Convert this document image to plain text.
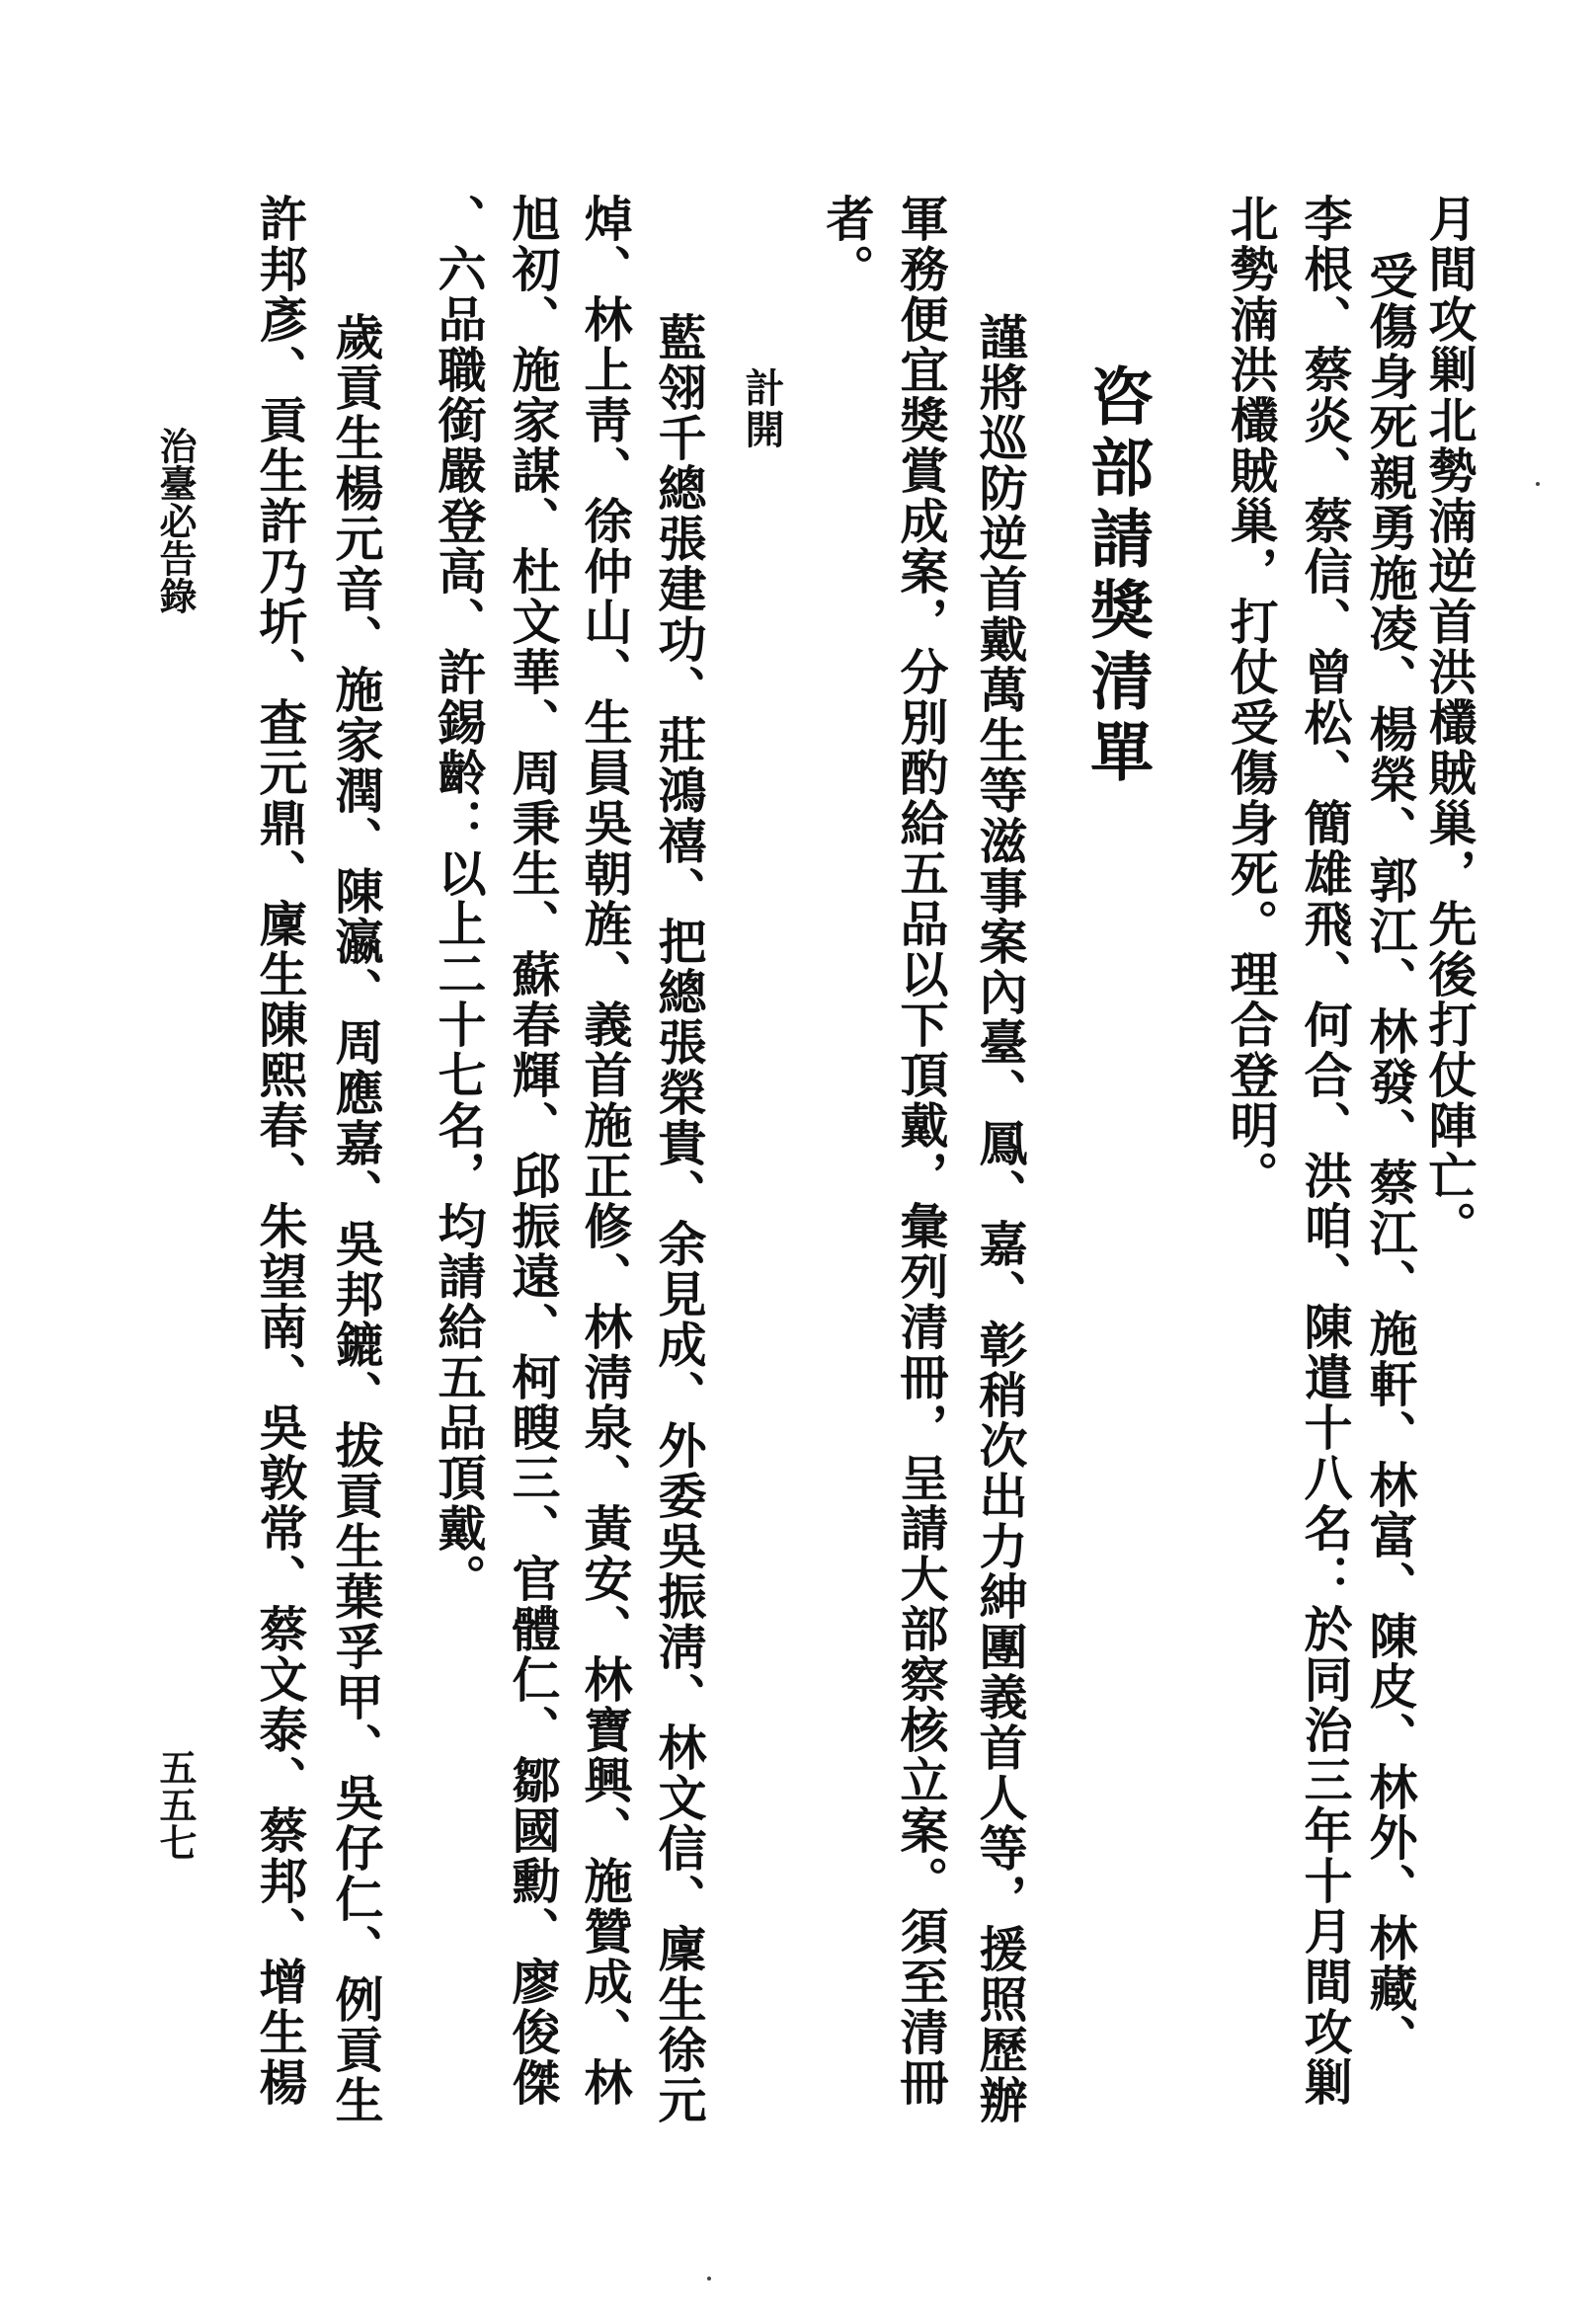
月間攻剿北勢湳逆首洪欉賊巢，先後打仗陣亡。
受傷身死親勇施凌、楊榮、郭江、林發、蔡江、施軒、林富、陳皮、林外、林藏、
李根、蔡炎、蔡信、曾松、簡雄飛、何合、洪咱、陳遣十八名：於同治三年十月間攻剿
北勢湳洪欉賊巢，打仗受傷身死。理合登明。
咨部請獎清單
謹將巡防逆首戴萬生等滋事案內臺、鳳、嘉、彰稍次出力紳團義首人等，援照歷辦
軍務便宜獎賞成案，分別酌給五品以下頂戴，彙列清冊，呈請大部察核立案。須至清冊
者。
計開
藍翎千總張建功、莊鴻禧、把總張榮貴、余見成、外委吳振淸、林文信、廩生徐元
焯、林上靑、徐仲山、生員吳朝旌、義首施正修、林淸泉、黃安、林寶興、施贊成、林
旭初、施家謀、杜文華、周秉生、蘇春輝、邱振遠、柯瞍三、官體仁、鄒國勳、廖俊傑
、六品職銜嚴登高、許錫齡：以上二十七名，均請給五品頂戴。
歲貢生楊元音、施家潤、陳瀛、周應嘉、吳邦鏕、拔貢生葉孚甲、吳仔仁、例貢生
許邦彥、貢生許乃圻、査元鼎、廩生陳熙春、朱望南、吳敦常、蔡文泰、蔡邦、增生楊
治臺必告錄
五五七
